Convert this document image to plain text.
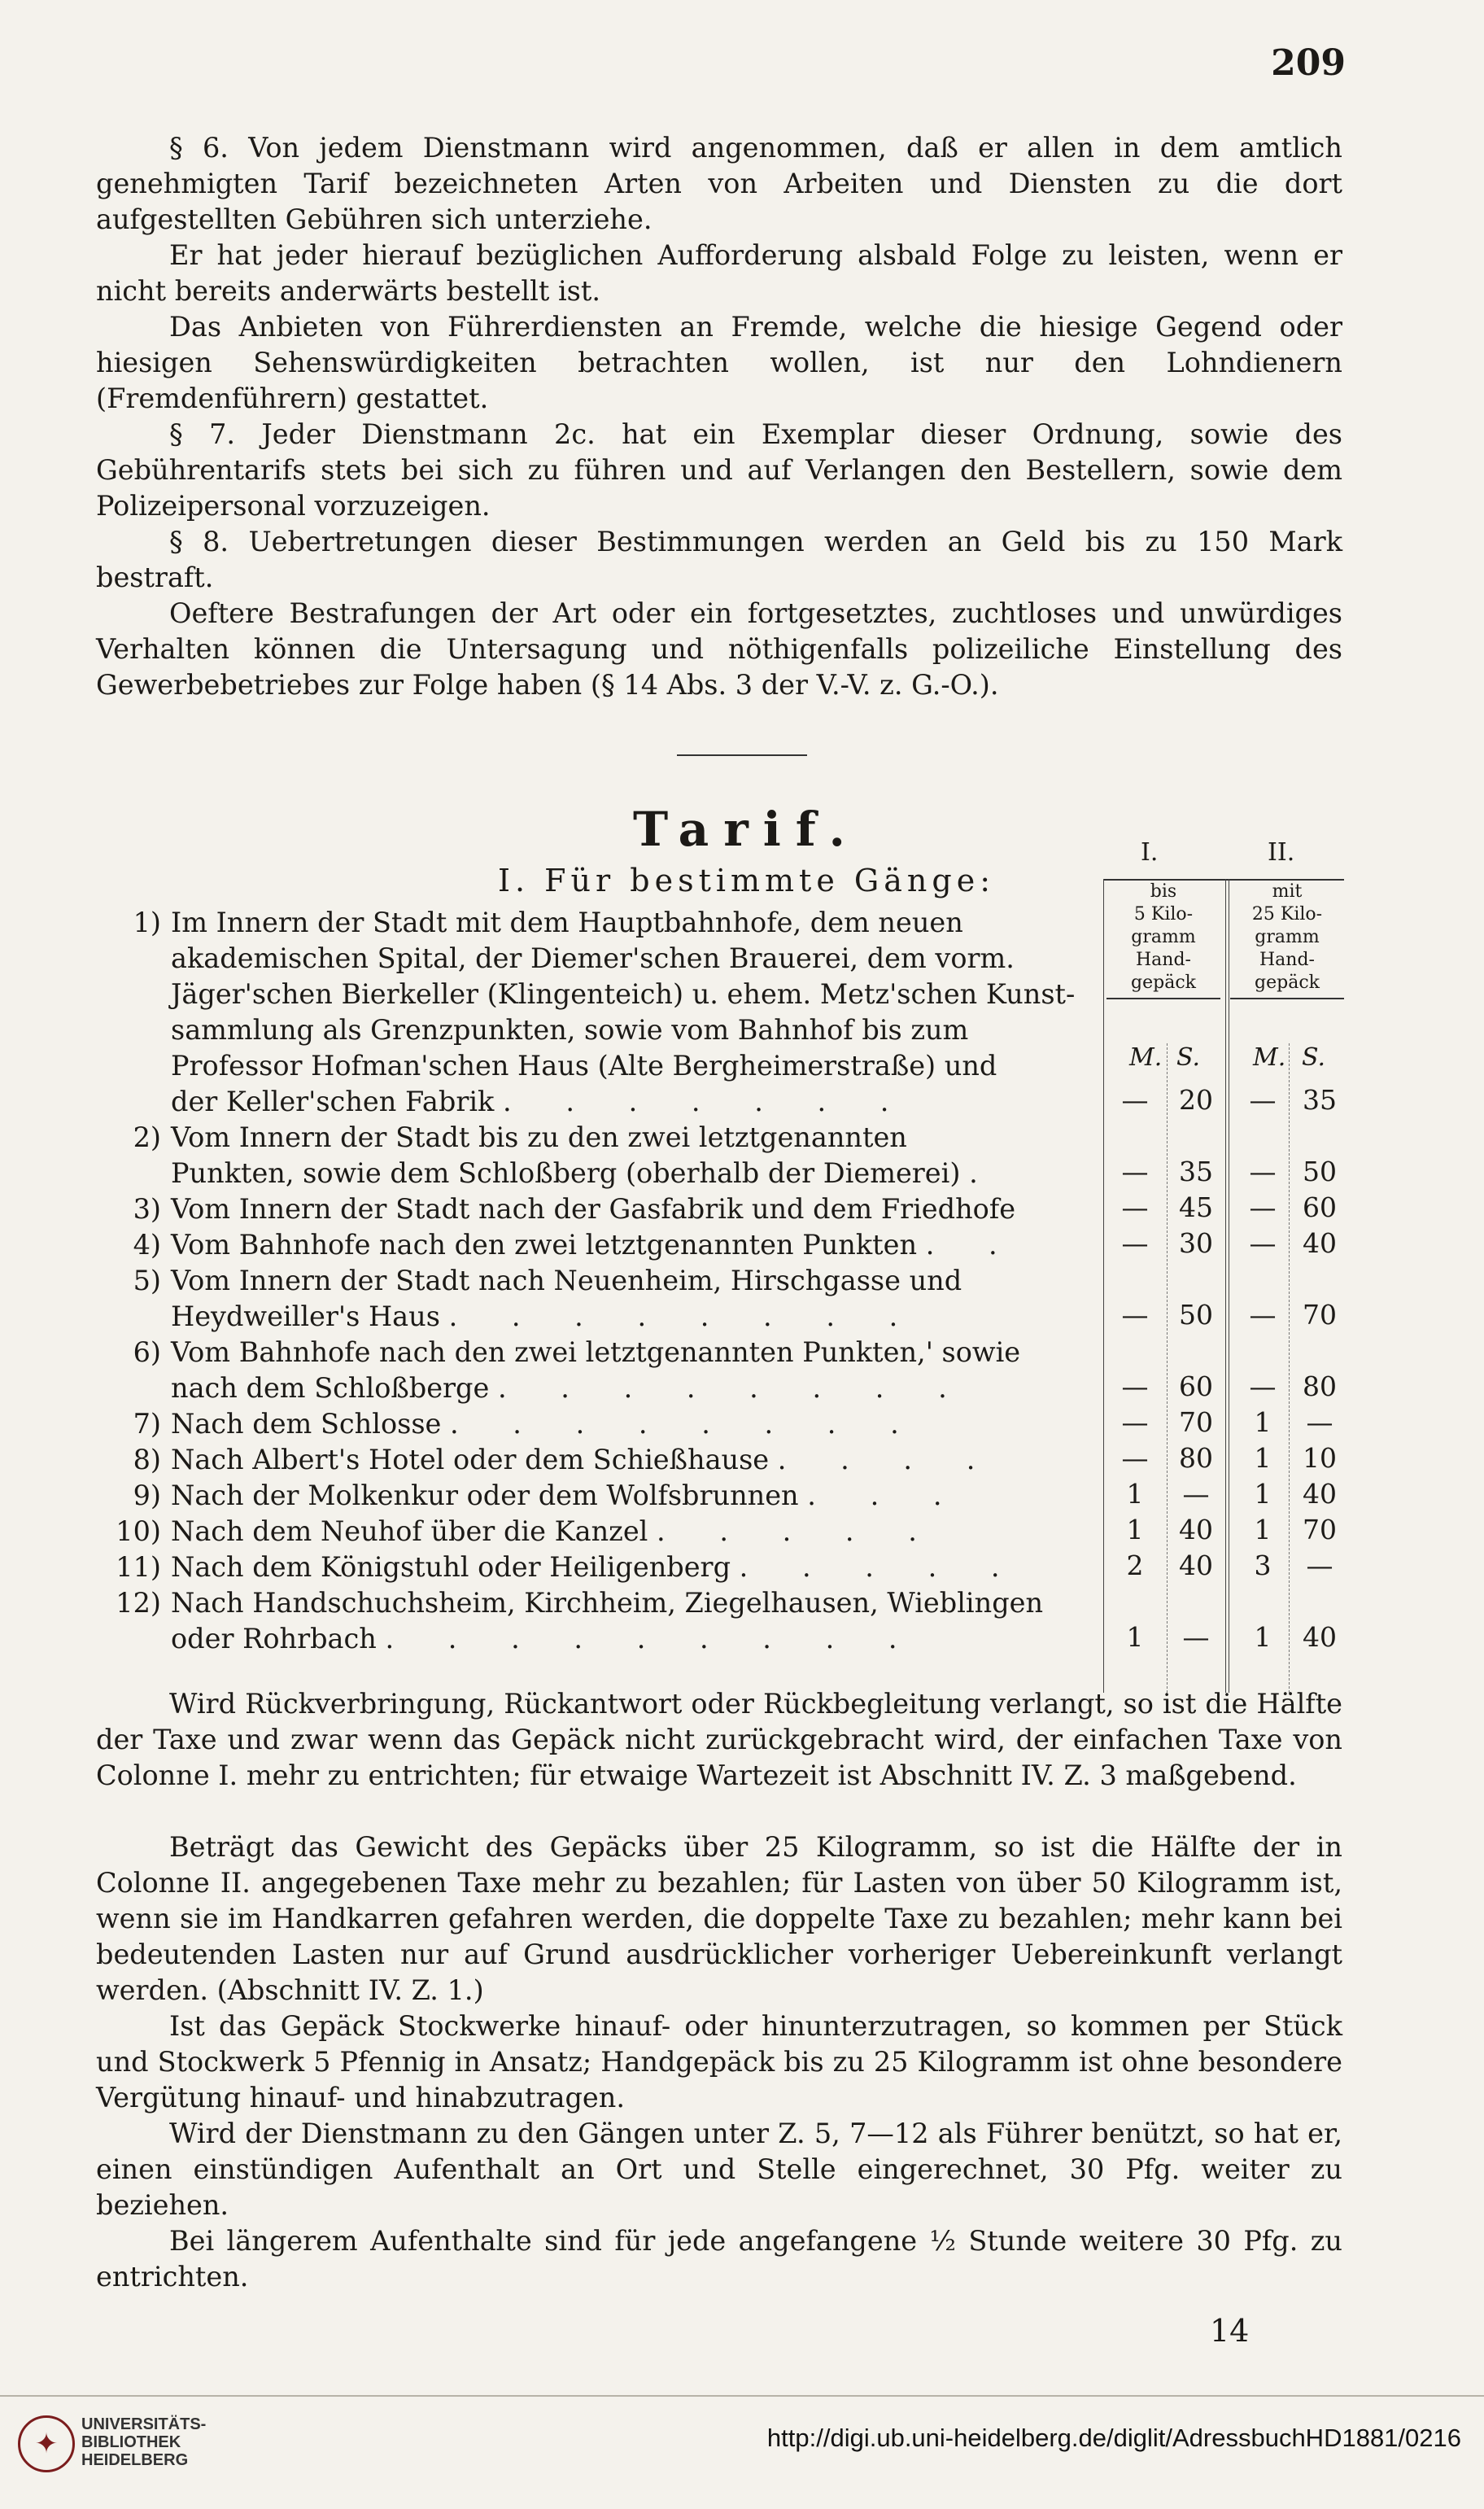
209

§ 6. Von jedem Dienstmann wird angenommen, daß er allen in dem amtlich genehmigten Tarif bezeichneten Arten von Arbeiten und Diensten zu die dort aufgestellten Gebühren sich unterziehe.

Er hat jeder hierauf bezüglichen Aufforderung alsbald Folge zu leisten, wenn er nicht bereits anderwärts bestellt ist.

Das Anbieten von Führerdiensten an Fremde, welche die hiesige Gegend oder hiesigen Sehenswürdigkeiten betrachten wollen, ist nur den Lohndienern (Fremdenführern) gestattet.

§ 7. Jeder Dienstmann 2c. hat ein Exemplar dieser Ordnung, sowie des Gebührentarifs stets bei sich zu führen und auf Verlangen den Bestellern, sowie dem Polizeipersonal vorzuzeigen.

§ 8. Uebertretungen dieser Bestimmungen werden an Geld bis zu 150 Mark bestraft.

Oeftere Bestrafungen der Art oder ein fortgesetztes, zuchtloses und unwürdiges Verhalten können die Untersagung und nöthigenfalls polizeiliche Einstellung des Gewerbebetriebes zur Folge haben (§ 14 Abs. 3 der V.-V. z. G.-O.).

Tarif.
I. Für bestimmte Gänge:
I.	II.
bis
5 Kilo-
gramm
Hand-
gepäck
mit
25 Kilo-
gramm
Hand-
gepäck
M. S. M. S.
1) Im Innern der Stadt mit dem Hauptbahnhofe, dem neuen
akademischen Spital, der Diemer'schen Brauerei, dem vorm.
Jäger'schen Bierkeller (Klingenteich) u. ehem. Metz'schen Kunst-
sammlung als Grenzpunkten, sowie vom Bahnhof bis zum
Professor Hofman'schen Haus (Alte Bergheimerstraße) und
der Keller'schen Fabrik . . . . . . .	—	20	— 35
2) Vom Innern der Stadt bis zu den zwei letztgenannten
Punkten, sowie dem Schloßberg (oberhalb der Diemerei) .	—	35	— 50
3) Vom Innern der Stadt nach der Gasfabrik und dem Friedhofe	—	45	— 60
4) Vom Bahnhofe nach den zwei letztgenannten Punkten . .	—	30	— 40
5) Vom Innern der Stadt nach Neuenheim, Hirschgasse und
Heydweiller's Haus . . . . . . . .	—	50	— 70
6) Vom Bahnhofe nach den zwei letztgenannten Punkten,' sowie
nach dem Schloßberge . . . . . . . .	—	60	— 80
7) Nach dem Schlosse . . . . . . . .	—	70	1	—
8) Nach Albert's Hotel oder dem Schießhause . . . .	—	80	1	10
9) Nach der Molkenkur oder dem Wolfsbrunnen . . .	1	—	1	40
10) Nach dem Neuhof über die Kanzel . . . . .	1	40	1	70
11) Nach dem Königstuhl oder Heiligenberg . . . . .	2	40	3	—
12) Nach Handschuchsheim, Kirchheim, Ziegelhausen, Wieblingen
oder Rohrbach . . . . . . . . .	1	—	1	40

Wird Rückverbringung, Rückantwort oder Rückbegleitung verlangt, so ist die Hälfte der Taxe und zwar wenn das Gepäck nicht zurückgebracht wird, der einfachen Taxe von Colonne I. mehr zu entrichten; für etwaige Wartezeit ist Abschnitt IV. Z. 3 maßgebend.

Beträgt das Gewicht des Gepäcks über 25 Kilogramm, so ist die Hälfte der in Colonne II. angegebenen Taxe mehr zu bezahlen; für Lasten von über 50 Kilogramm ist, wenn sie im Handkarren gefahren werden, die doppelte Taxe zu bezahlen; mehr kann bei bedeutenden Lasten nur auf Grund ausdrücklicher vorheriger Uebereinkunft verlangt werden. (Abschnitt IV. Z. 1.)

Ist das Gepäck Stockwerke hinauf- oder hinunterzutragen, so kommen per Stück und Stockwerk 5 Pfennig in Ansatz; Handgepäck bis zu 25 Kilogramm ist ohne besondere Vergütung hinauf- und hinabzutragen.

Wird der Dienstmann zu den Gängen unter Z. 5, 7—12 als Führer benützt, so hat er, einen einstündigen Aufenthalt an Ort und Stelle eingerechnet, 30 Pfg. weiter zu beziehen.

Bei längerem Aufenthalte sind für jede angefangene ½ Stunde weitere 30 Pfg. zu entrichten.

14
✦
UNIVERSITÄTS-
BIBLIOTHEK
HEIDELBERG
http://digi.ub.uni-heidelberg.de/diglit/AdressbuchHD1881/0216
